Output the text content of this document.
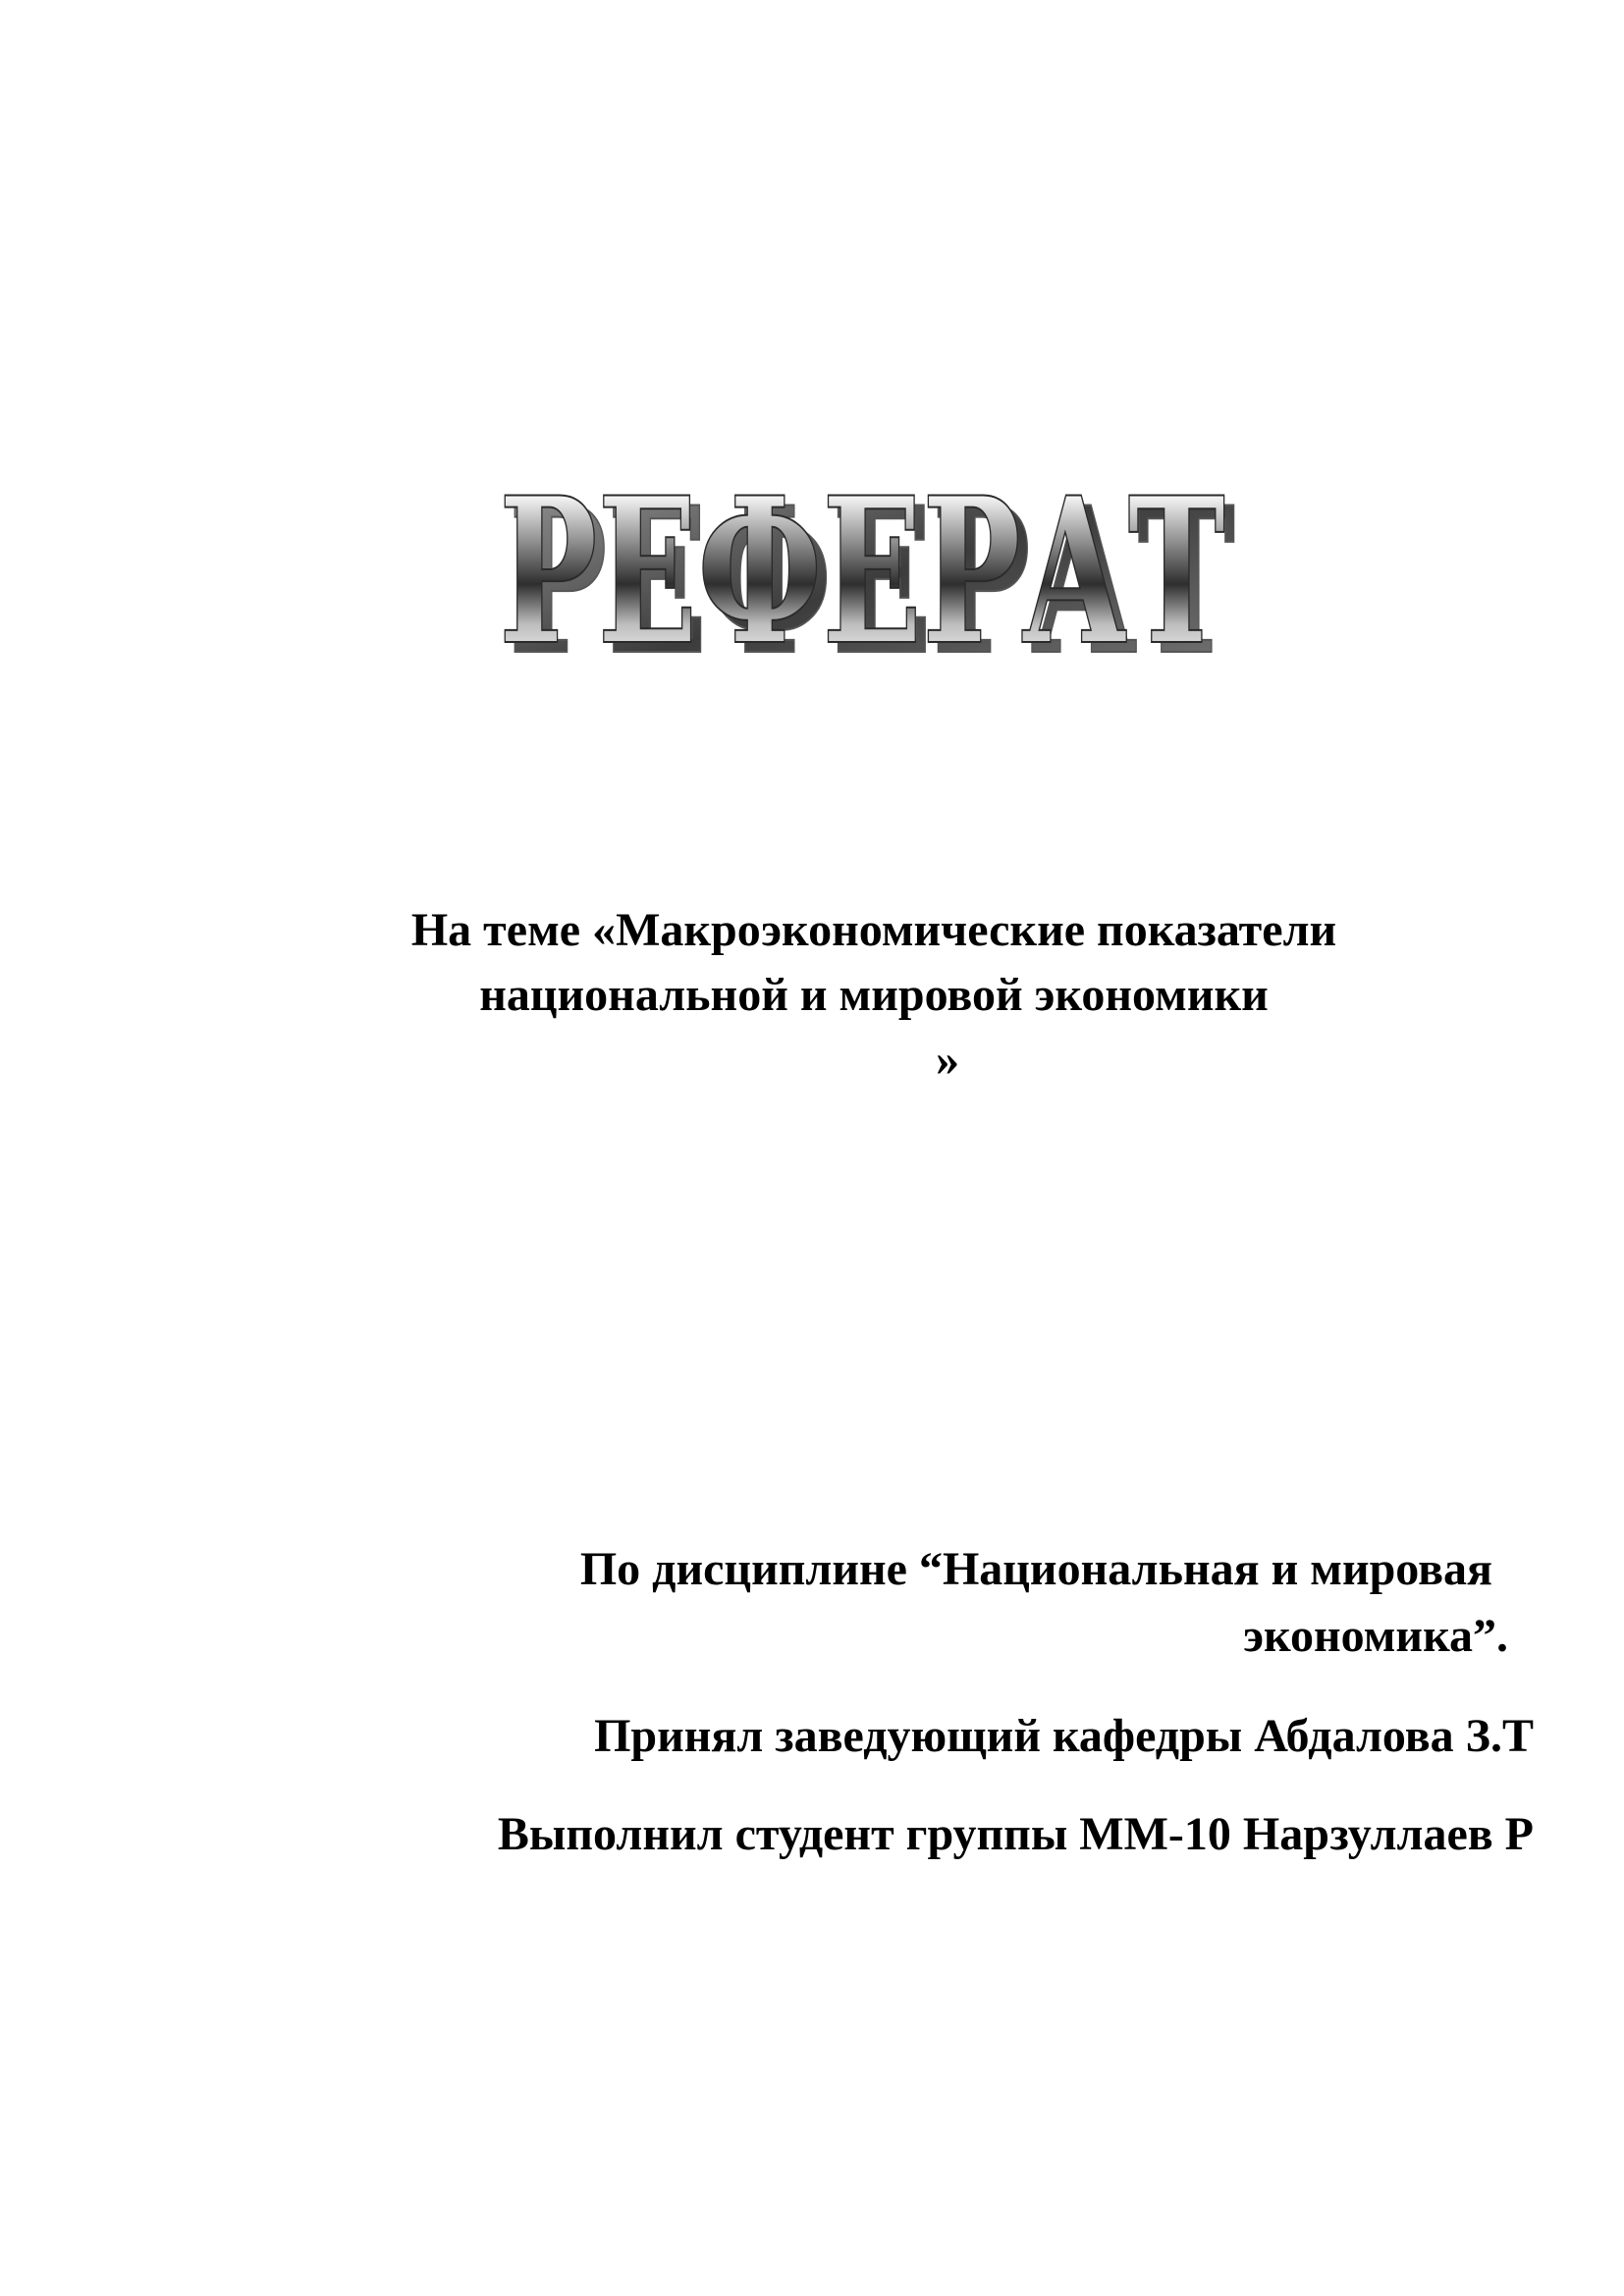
РЕФЕРАТ
РЕФЕРАТ
На теме «Макроэкономические показатели
национальной и мировой экономики
»
По дисциплине “Национальная и мировая
экономика”.
Принял заведующий кафедры Абдалова З.Т
Выполнил студент группы ММ-10 Нарзуллаев Р
